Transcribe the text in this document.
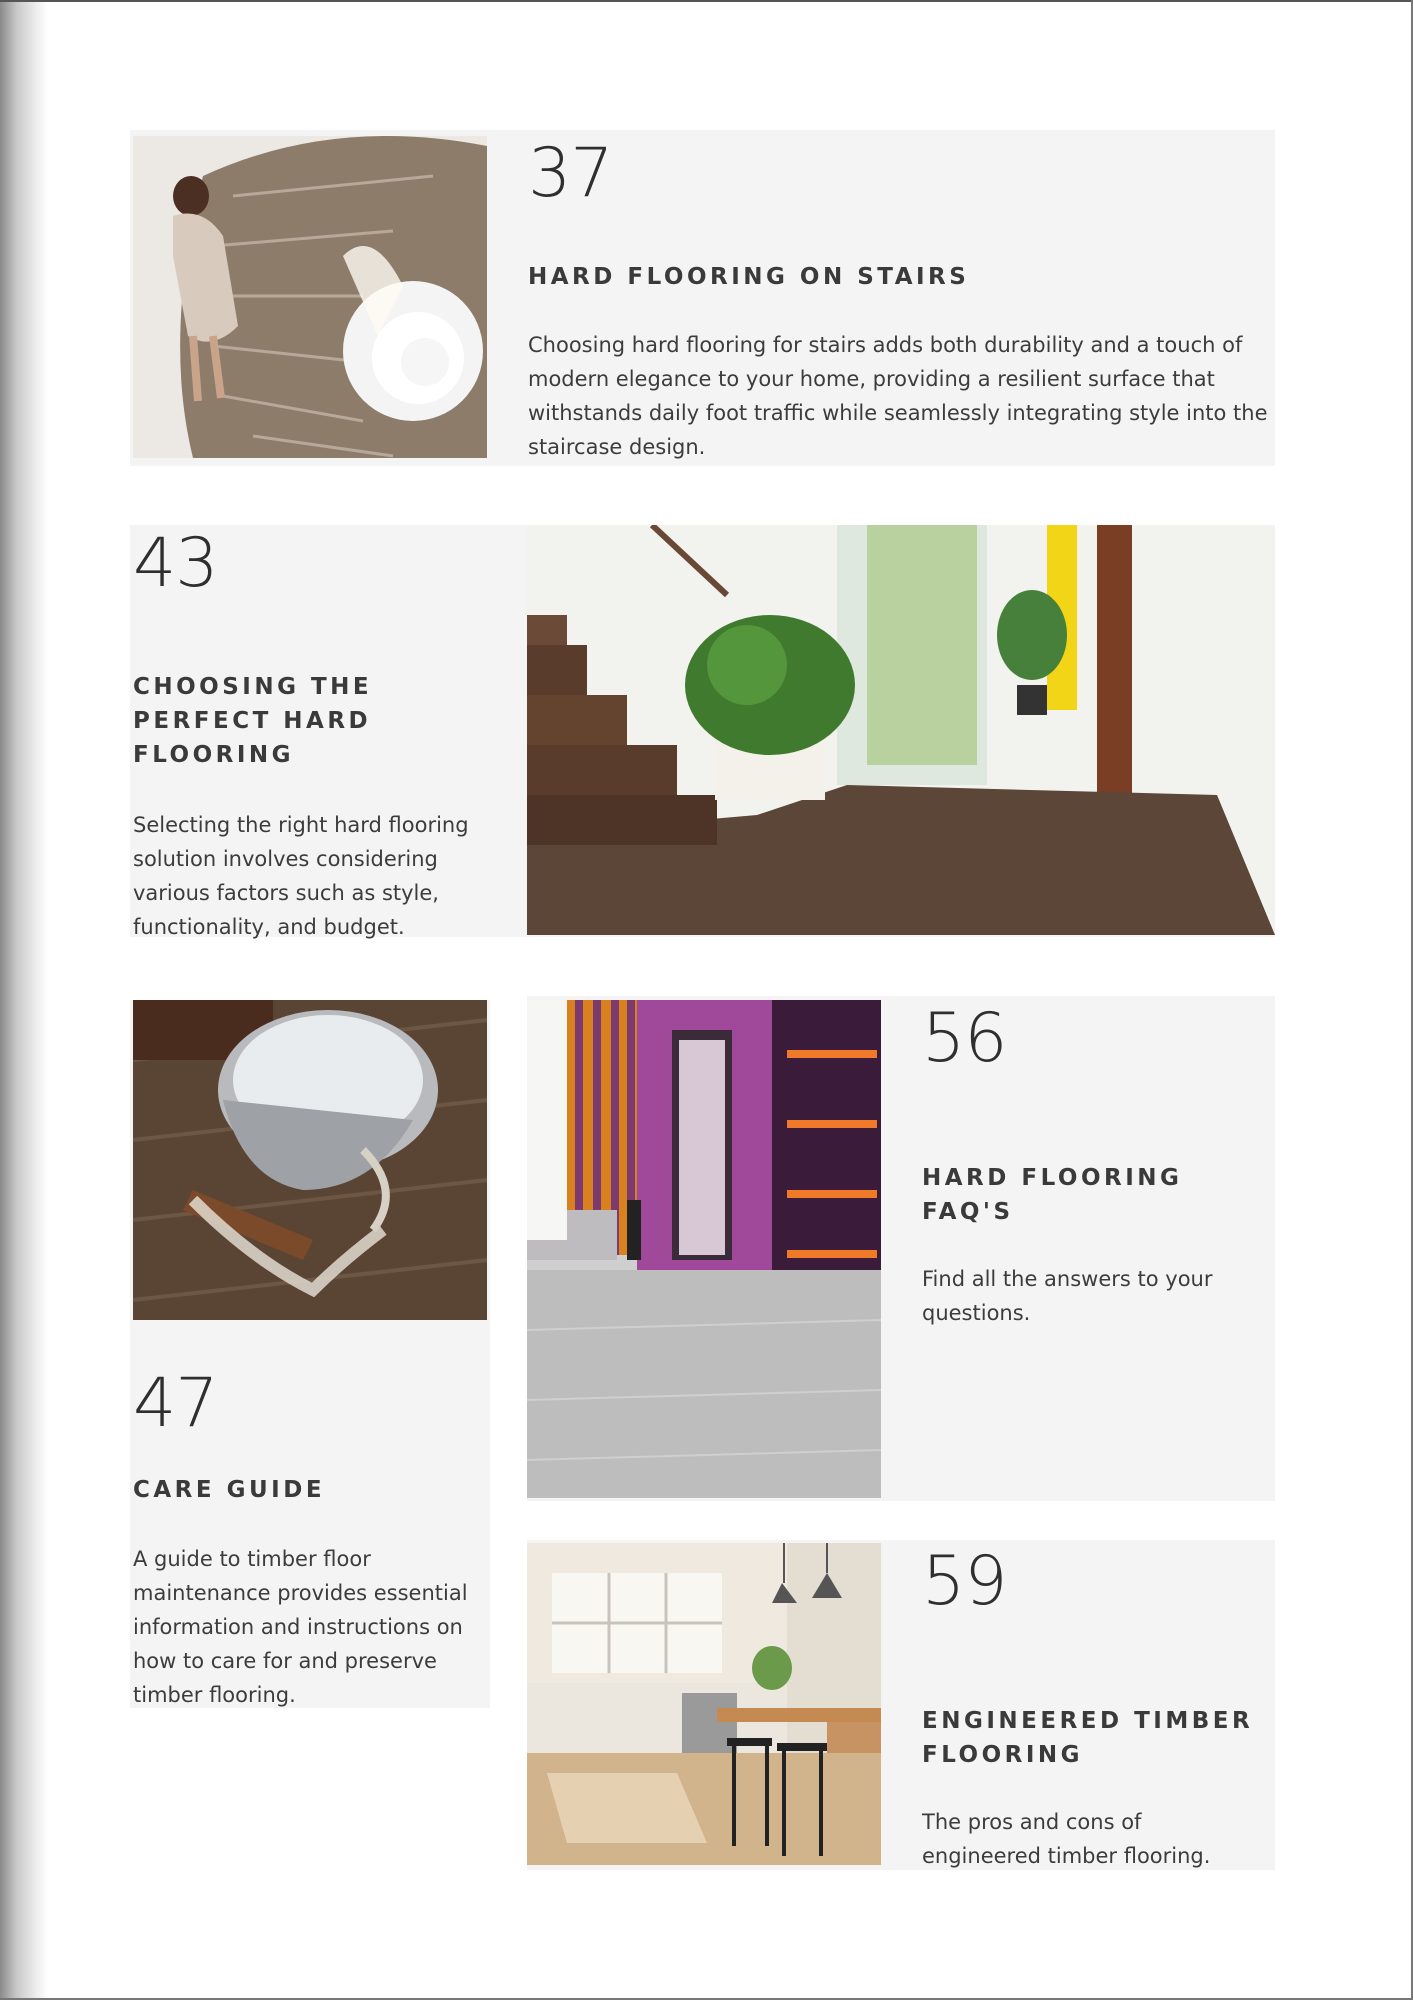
37
HARD FLOORING ON STAIRS

Choosing hard flooring for stairs adds both durability and a touch of modern elegance to your home, providing a resilient surface that withstands daily foot traffic while seamlessly integrating style into the staircase design.

43
CHOOSING THE PERFECT HARD FLOORING

Selecting the right hard flooring solution involves considering various factors such as style, functionality, and budget.

47
CARE GUIDE

A guide to timber floor maintenance provides essential information and instructions on how to care for and preserve timber flooring.

56
HARD FLOORING FAQ'S

Find all the answers to your questions.

59
ENGINEERED TIMBER FLOORING

The pros and cons of engineered timber flooring.
